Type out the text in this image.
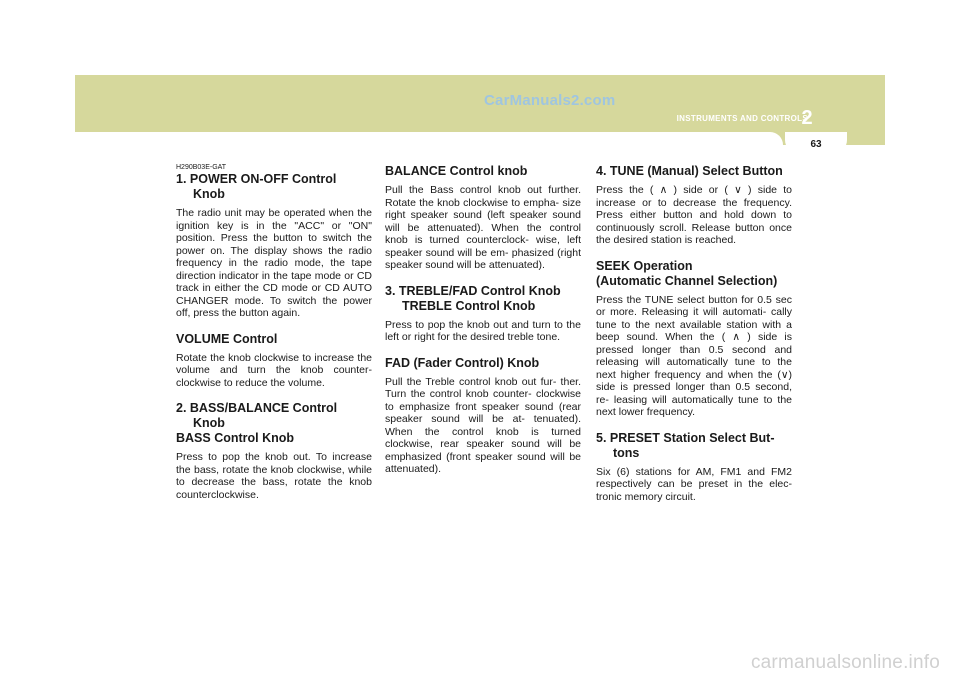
CarManuals2.com
INSTRUMENTS AND CONTROLS
2
63
H290B03E-GAT
1. POWER ON-OFF Control
Knob

The radio unit may be operated when the ignition key is in the "ACC" or "ON" position. Press the button to switch the power on. The display shows the radio frequency in the radio mode, the tape direction indicator in the tape mode or CD track in either the CD mode or CD AUTO CHANGER mode. To switch the power off, press the button again.

VOLUME Control

Rotate the knob clockwise to increase the volume and turn the knob counter- clockwise to reduce the volume.

2. BASS/BALANCE Control
Knob
BASS Control Knob

Press to pop the knob out. To increase the bass, rotate the knob clockwise, while to decrease the bass, rotate the knob counterclockwise.

BALANCE Control knob

Pull the Bass control knob out further. Rotate the knob clockwise to empha- size right speaker sound (left speaker sound will be attenuated). When the control knob is turned counterclock- wise, left speaker sound will be em- phasized (right speaker sound will be attenuated).

3. TREBLE/FAD Control Knob
TREBLE Control Knob

Press to pop the knob out and turn to the left or right for the desired treble tone.

FAD (Fader Control) Knob

Pull the Treble control knob out fur- ther. Turn the control knob counter- clockwise to emphasize front speaker sound (rear speaker sound will be at- tenuated). When the control knob is turned clockwise, rear speaker sound will be emphasized (front speaker sound will be attenuated).

4. TUNE (Manual) Select Button

Press the ( ∧ ) side or ( ∨ ) side to increase or to decrease the frequency. Press either button and hold down to continuously scroll. Release button once the desired station is reached.

SEEK Operation
(Automatic Channel Selection)

Press the TUNE select button for 0.5 sec or more. Releasing it will automati- cally tune to the next available station with a beep sound. When the ( ∧ ) side is pressed longer than 0.5 second and releasing will automatically tune to the next higher frequency and when the (∨) side is pressed longer than 0.5 second, re- leasing will automatically tune to the next lower frequency.

5. PRESET Station Select But-
tons

Six (6) stations for AM, FM1 and FM2 respectively can be preset in the elec- tronic memory circuit.

carmanualsonline.info
